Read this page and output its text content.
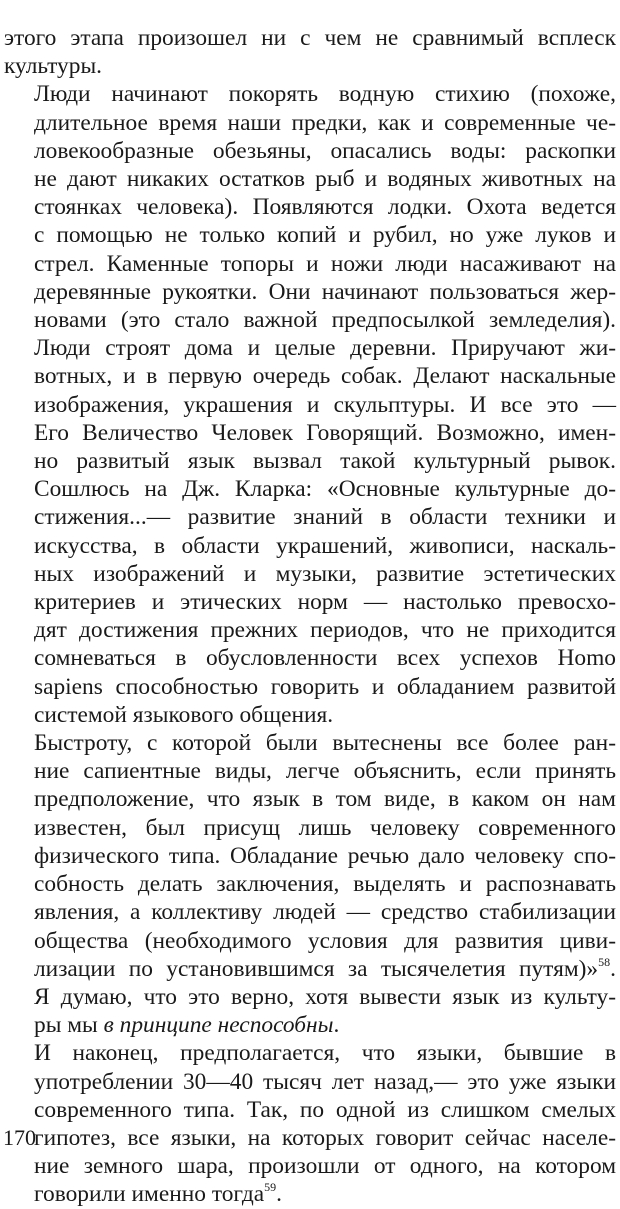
этого этапа произошел ни с чем не сравнимый всплеск
культуры.

Люди начинают покорять водную стихию (похоже,
длительное время наши предки, как и современные че-
ловекообразные обезьяны, опасались воды: раскопки
не дают никаких остатков рыб и водяных животных на
стоянках человека). Появляются лодки. Охота ведется
с помощью не только копий и рубил, но уже луков и
стрел. Каменные топоры и ножи люди насаживают на
деревянные рукоятки. Они начинают пользоваться жер-
новами (это стало важной предпосылкой земледелия).
Люди строят дома и целые деревни. Приручают жи-
вотных, и в первую очередь собак. Делают наскальные
изображения, украшения и скульптуры. И все это —
Его Величество Человек Говорящий. Возможно, имен-
но развитый язык вызвал такой культурный рывок.
Сошлюсь на Дж. Кларка: «Основные культурные до-
стижения...— развитие знаний в области техники и
искусства, в области украшений, живописи, наскаль-
ных изображений и музыки, развитие эстетических
критериев и этических норм — настолько превосхо-
дят достижения прежних периодов, что не приходится
сомневаться в обусловленности всех успехов Homo
sapiens способностью говорить и обладанием развитой
системой языкового общения.

Быстроту, с которой были вытеснены все более ран-
ние сапиентные виды, легче объяснить, если принять
предположение, что язык в том виде, в каком он нам
известен, был присущ лишь человеку современного
физического типа. Обладание речью дало человеку спо-
собность делать заключения, выделять и распознавать
явления, а коллективу людей — средство стабилизации
общества (необходимого условия для развития циви-
лизации по установившимся за тысячелетия путям)»$^{58}$.
Я думаю, что это верно, хотя вывести язык из культу-
ры мы в принципе неспособны.

И наконец, предполагается, что языки, бывшие в
употреблении 30—40 тысяч лет назад,— это уже языки
современного типа. Так, по одной из слишком смелых
гипотез, все языки, на которых говорит сейчас населе-
ние земного шара, произошли от одного, на котором
говорили именно тогда$^{59}$.

170
